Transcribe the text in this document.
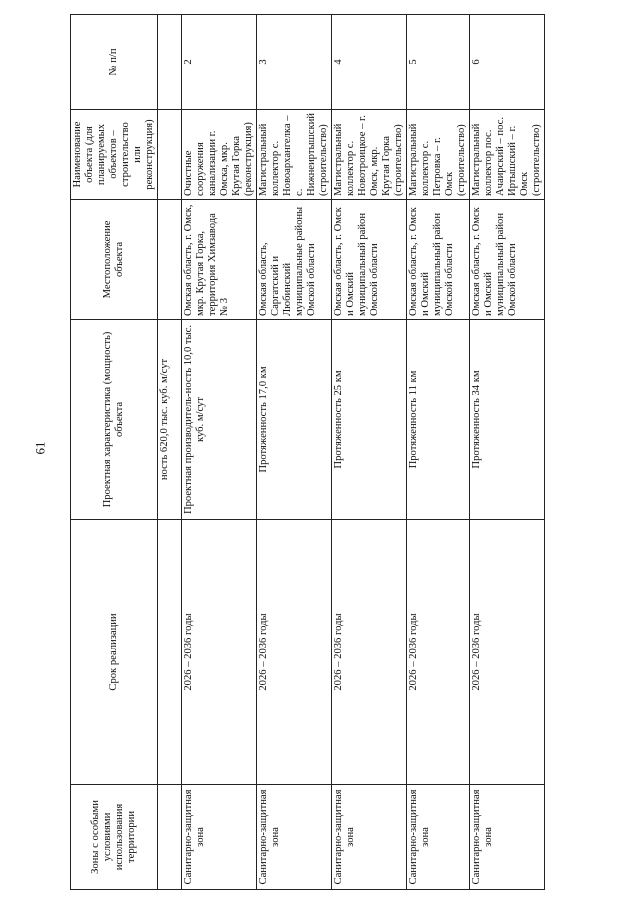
61
Зоны с особыми условиями использования территории	Срок реализации	Проектная характеристика (мощность) объекта	Местоположение объекта	Наименование объекта (для планируемых объектов – строительство или реконструкция)	№ п/п
		ность 620,0 тыс. куб. м/сут			
Санитарно-защитная зона	2026 – 2036 годы	Проектная производитель-ность 10,0 тыс. куб. м/сут	Омская область, г. Омск, мкр. Крутая Горка, территория Химзавода № 3	Очистные сооружения канализации г. Омска, мкр. Крутая Горка (реконструкция)	2
Санитарно-защитная зона	2026 – 2036 годы	Протяженность 17,0 км	Омская область, Саргатский и Любинский муниципальные районы Омской области	Магистральный коллектор с. Новоархангелка – с. Нижнеиртышский (строительство)	3
Санитарно-защитная зона	2026 – 2036 годы	Протяженность 25 км	Омская область, г. Омск и Омский муниципальный район Омской области	Магистральный коллектор с. Новотроицкое – г. Омск, мкр. Крутая Горка (строительство)	4
Санитарно-защитная зона	2026 – 2036 годы	Протяженность 11 км	Омская область, г. Омск и Омский муниципальный район Омской области	Магистральный коллектор с. Петровка – г. Омск (строительство)	5
Санитарно-защитная зона	2026 – 2036 годы	Протяженность 34 км	Омская область, г. Омск и Омский муниципальный район Омской области	Магистральный коллектор пос. Ачаирский – пос. Иртышский – г. Омск (строительство)	6
